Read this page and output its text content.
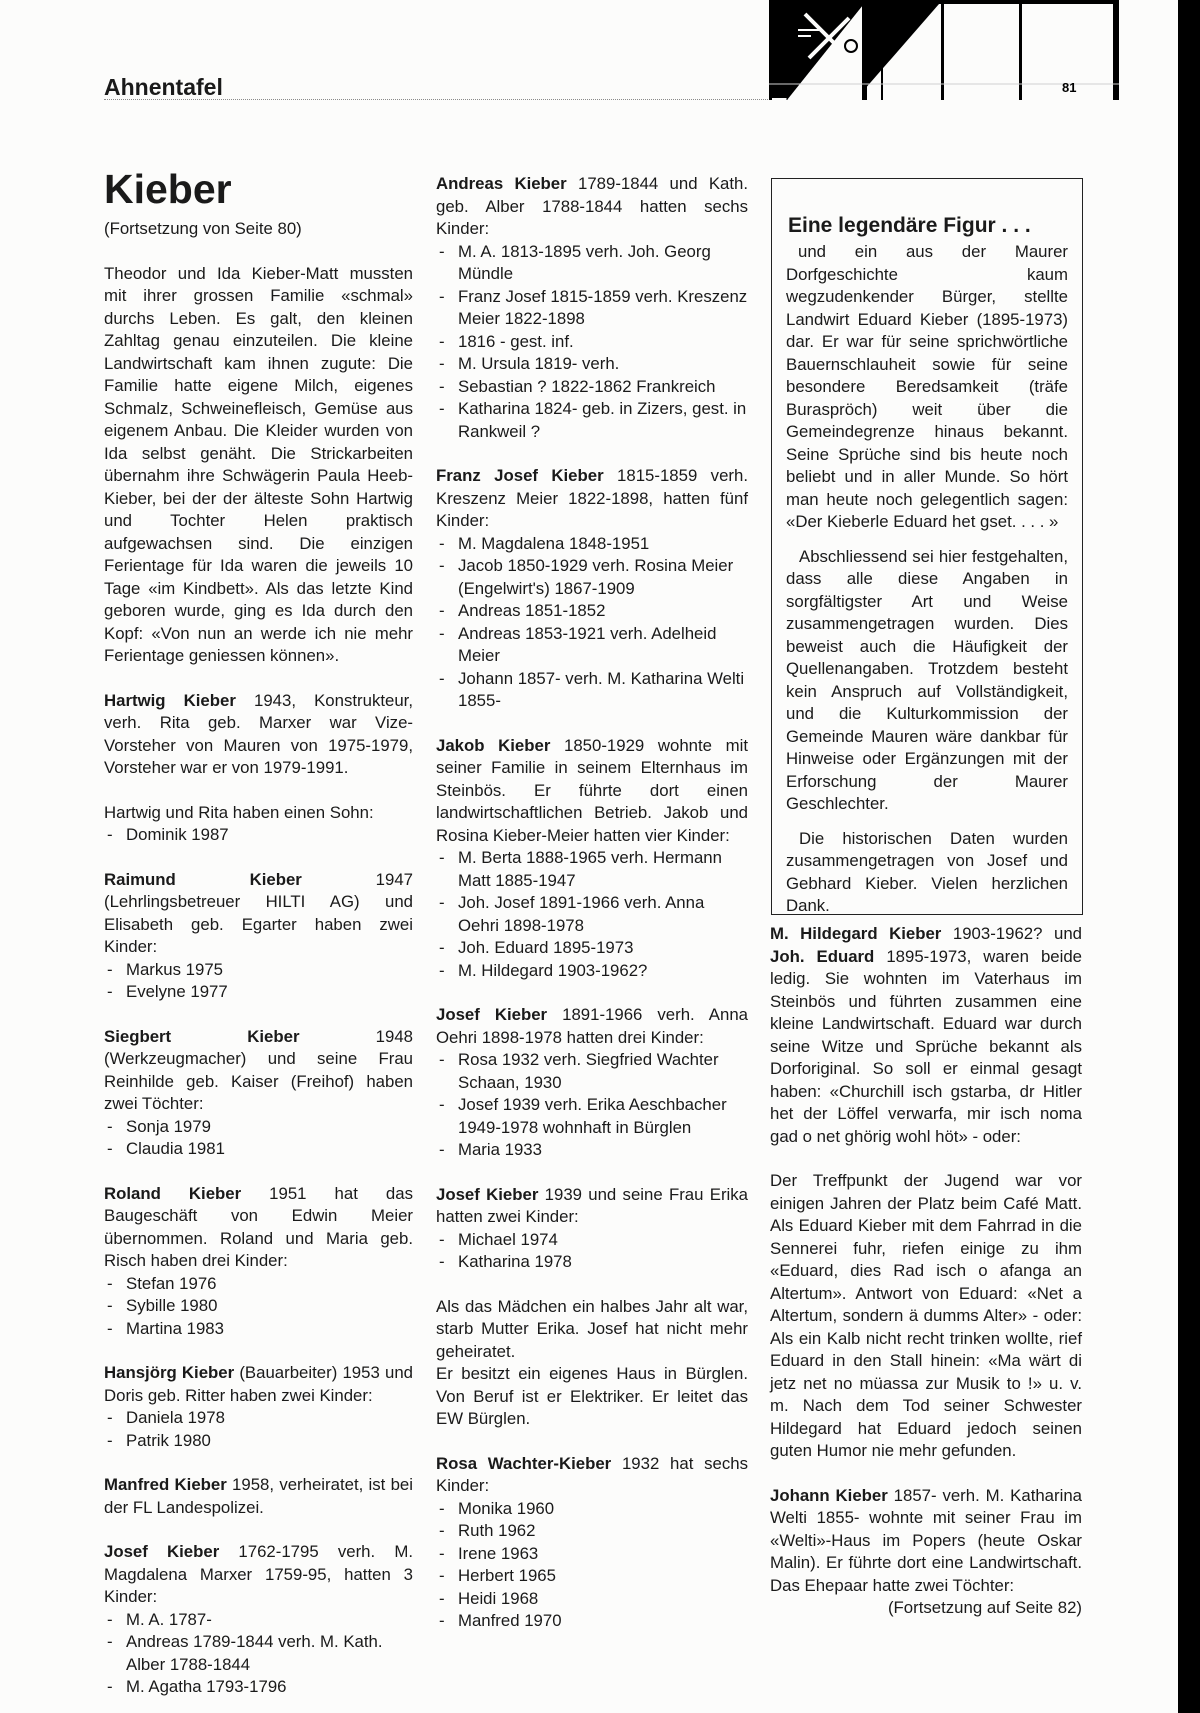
Ahnentafel	81
Kieber

(Fortsetzung von Seite 80)

Theodor und Ida Kieber-Matt mussten mit ihrer grossen Familie «schmal» durchs Leben. Es galt, den kleinen Zahltag genau einzuteilen. Die kleine Landwirtschaft kam ihnen zugute: Die Familie hatte eigene Milch, eigenes Schmalz, Schweinefleisch, Gemüse aus eigenem Anbau. Die Kleider wurden von Ida selbst genäht. Die Strickarbeiten übernahm ihre Schwägerin Paula Heeb-Kieber, bei der der älteste Sohn Hartwig und Tochter Helen praktisch aufgewachsen sind. Die einzigen Ferientage für Ida waren die jeweils 10 Tage «im Kindbett». Als das letzte Kind geboren wurde, ging es Ida durch den Kopf: «Von nun an werde ich nie mehr Ferientage geniessen können».

Hartwig Kieber 1943, Konstrukteur, verh. Rita geb. Marxer war Vize-Vorsteher von Mauren von 1975-1979, Vorsteher war er von 1979-1991.

Hartwig und Rita haben einen Sohn:

- Dominik 1987

Raimund Kieber 1947 (Lehrlingsbetreuer HILTI AG) und Elisabeth geb. Egarter haben zwei Kinder:

- Markus 1975
- Evelyne 1977

Siegbert Kieber 1948 (Werkzeugmacher) und seine Frau Reinhilde geb. Kaiser (Freihof) haben zwei Töchter:

- Sonja 1979
- Claudia 1981

Roland Kieber 1951 hat das Baugeschäft von Edwin Meier übernommen. Roland und Maria geb. Risch haben drei Kinder:

- Stefan 1976
- Sybille 1980
- Martina 1983

Hansjörg Kieber (Bauarbeiter) 1953 und Doris geb. Ritter haben zwei Kinder:

- Daniela 1978
- Patrik 1980

Manfred Kieber 1958, verheiratet, ist bei der FL Landespolizei.

Josef Kieber 1762-1795 verh. M. Magdalena Marxer 1759-95, hatten 3 Kinder:

- M. A. 1787-
- Andreas 1789-1844 verh. M. Kath. Alber 1788-1844
- M. Agatha 1793-1796

Andreas Kieber 1789-1844 und Kath. geb. Alber 1788-1844 hatten sechs Kinder:

- M. A. 1813-1895 verh. Joh. Georg Mündle
- Franz Josef 1815-1859 verh. Kreszenz Meier 1822-1898
- 1816 - gest. inf.
- M. Ursula 1819- verh.
- Sebastian ? 1822-1862 Frankreich
- Katharina 1824- geb. in Zizers, gest. in Rankweil ?

Franz Josef Kieber 1815-1859 verh. Kreszenz Meier 1822-1898, hatten fünf Kinder:

- M. Magdalena 1848-1951
- Jacob 1850-1929 verh. Rosina Meier (Engelwirt's) 1867-1909
- Andreas 1851-1852
- Andreas 1853-1921 verh. Adelheid Meier
- Johann 1857- verh. M. Katharina Welti 1855-

Jakob Kieber 1850-1929 wohnte mit seiner Familie in seinem Elternhaus im Steinbös. Er führte dort einen landwirtschaftlichen Betrieb. Jakob und Rosina Kieber-Meier hatten vier Kinder:

- M. Berta 1888-1965 verh. Hermann Matt 1885-1947
- Joh. Josef 1891-1966 verh. Anna Oehri 1898-1978
- Joh. Eduard 1895-1973
- M. Hildegard 1903-1962?

Josef Kieber 1891-1966 verh. Anna Oehri 1898-1978 hatten drei Kinder:

- Rosa 1932 verh. Siegfried Wachter Schaan, 1930
- Josef 1939 verh. Erika Aeschbacher 1949-1978 wohnhaft in Bürglen
- Maria 1933

Josef Kieber 1939 und seine Frau Erika hatten zwei Kinder:

- Michael 1974
- Katharina 1978

Als das Mädchen ein halbes Jahr alt war, starb Mutter Erika. Josef hat nicht mehr geheiratet.

Er besitzt ein eigenes Haus in Bürglen. Von Beruf ist er Elektriker. Er leitet das EW Bürglen.

Rosa Wachter-Kieber 1932 hat sechs Kinder:

- Monika 1960
- Ruth 1962
- Irene 1963
- Herbert 1965
- Heidi 1968
- Manfred 1970
Eine legendäre Figur . . .

und ein aus der Maurer Dorfgeschichte kaum wegzudenkender Bürger, stellte Landwirt Eduard Kieber (1895-1973) dar. Er war für seine sprichwörtliche Bauernschlauheit sowie für seine besondere Beredsamkeit (träfe Buraspröch) weit über die Gemeindegrenze hinaus bekannt. Seine Sprüche sind bis heute noch beliebt und in aller Munde. So hört man heute noch gelegentlich sagen: «Der Kieberle Eduard het gset. . . . »

Abschliessend sei hier festgehalten, dass alle diese Angaben in sorgfältigster Art und Weise zusammengetragen wurden. Dies beweist auch die Häufigkeit der Quellenangaben. Trotzdem besteht kein Anspruch auf Vollständigkeit, und die Kulturkommission der Gemeinde Mauren wäre dankbar für Hinweise oder Ergänzungen mit der Erforschung der Maurer Geschlechter.

Die historischen Daten wurden zusammengetragen von Josef und Gebhard Kieber. Vielen herzlichen Dank.

M. Hildegard Kieber 1903-1962? und Joh. Eduard 1895-1973, waren beide ledig. Sie wohnten im Vaterhaus im Steinbös und führten zusammen eine kleine Landwirtschaft. Eduard war durch seine Witze und Sprüche bekannt als Dorforiginal. So soll er einmal gesagt haben: «Churchill isch gstarba, dr Hitler het der Löffel verwarfa, mir isch noma gad o net ghörig wohl höt» - oder:

Der Treffpunkt der Jugend war vor einigen Jahren der Platz beim Café Matt. Als Eduard Kieber mit dem Fahrrad in die Sennerei fuhr, riefen einige zu ihm «Eduard, dies Rad isch o afanga an Altertum». Antwort von Eduard: «Net a Altertum, sondern ä dumms Alter» - oder: Als ein Kalb nicht recht trinken wollte, rief Eduard in den Stall hinein: «Ma wärt di jetz net no müassa zur Musik to !» u. v. m. Nach dem Tod seiner Schwester Hildegard hat Eduard jedoch seinen guten Humor nie mehr gefunden.

Johann Kieber 1857- verh. M. Katharina Welti 1855- wohnte mit seiner Frau im «Welti»-Haus im Popers (heute Oskar Malin). Er führte dort eine Landwirtschaft. Das Ehepaar hatte zwei Töchter:

(Fortsetzung auf Seite 82)
